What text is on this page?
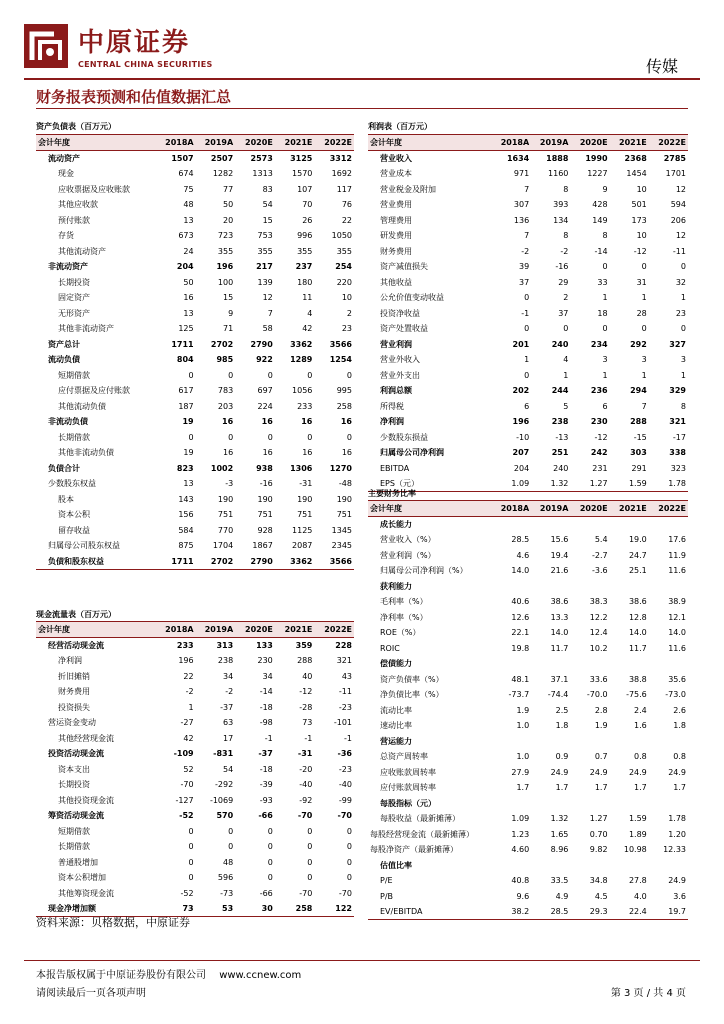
中原证券
CENTRAL CHINA SECURITIES	传媒
财务报表预测和估值数据汇总
资产负债表（百万元）
会计年度	2018A	2019A	2020E	2021E	2022E
流动资产	1507	2507	2573	3125	3312
现金	674	1282	1313	1570	1692
应收票据及应收账款	75	77	83	107	117
其他应收款	48	50	54	70	76
预付账款	13	20	15	26	22
存货	673	723	753	996	1050
其他流动资产	24	355	355	355	355
非流动资产	204	196	217	237	254
长期投资	50	100	139	180	220
固定资产	16	15	12	11	10
无形资产	13	9	7	4	2
其他非流动资产	125	71	58	42	23
资产总计	1711	2702	2790	3362	3566
流动负债	804	985	922	1289	1254
短期借款	0	0	0	0	0
应付票据及应付账款	617	783	697	1056	995
其他流动负债	187	203	224	233	258
非流动负债	19	16	16	16	16
长期借款	0	0	0	0	0
其他非流动负债	19	16	16	16	16
负债合计	823	1002	938	1306	1270
少数股东权益	13	-3	-16	-31	-48
股本	143	190	190	190	190
资本公积	156	751	751	751	751
留存收益	584	770	928	1125	1345
归属母公司股东权益	875	1704	1867	2087	2345
负债和股东权益	1711	2702	2790	3362	3566
利润表（百万元）
会计年度	2018A	2019A	2020E	2021E	2022E
营业收入	1634	1888	1990	2368	2785
营业成本	971	1160	1227	1454	1701
营业税金及附加	7	8	9	10	12
营业费用	307	393	428	501	594
管理费用	136	134	149	173	206
研发费用	7	8	8	10	12
财务费用	-2	-2	-14	-12	-11
资产减值损失	39	-16	0	0	0
其他收益	37	29	33	31	32
公允价值变动收益	0	2	1	1	1
投资净收益	-1	37	18	28	23
资产处置收益	0	0	0	0	0
营业利润	201	240	234	292	327
营业外收入	1	4	3	3	3
营业外支出	0	1	1	1	1
利润总额	202	244	236	294	329
所得税	6	5	6	7	8
净利润	196	238	230	288	321
少数股东损益	-10	-13	-12	-15	-17
归属母公司净利润	207	251	242	303	338
EBITDA	204	240	231	291	323
EPS（元）	1.09	1.32	1.27	1.59	1.78
主要财务比率
会计年度	2018A	2019A	2020E	2021E	2022E
成长能力					
营业收入（%）	28.5	15.6	5.4	19.0	17.6
营业利润（%）	4.6	19.4	-2.7	24.7	11.9
归属母公司净利润（%）	14.0	21.6	-3.6	25.1	11.6
获利能力					
毛利率（%）	40.6	38.6	38.3	38.6	38.9
净利率（%）	12.6	13.3	12.2	12.8	12.1
ROE（%）	22.1	14.0	12.4	14.0	14.0
ROIC	19.8	11.7	10.2	11.7	11.6
偿债能力					
资产负债率（%）	48.1	37.1	33.6	38.8	35.6
净负债比率（%）	-73.7	-74.4	-70.0	-75.6	-73.0
流动比率	1.9	2.5	2.8	2.4	2.6
速动比率	1.0	1.8	1.9	1.6	1.8
营运能力					
总资产周转率	1.0	0.9	0.7	0.8	0.8
应收账款周转率	27.9	24.9	24.9	24.9	24.9
应付账款周转率	1.7	1.7	1.7	1.7	1.7
每股指标（元）					
每股收益（最新摊薄）	1.09	1.32	1.27	1.59	1.78
每股经营现金流（最新摊薄）	1.23	1.65	0.70	1.89	1.20
每股净资产（最新摊薄）	4.60	8.96	9.82	10.98	12.33
估值比率					
P/E	40.8	33.5	34.8	27.8	24.9
P/B	9.6	4.9	4.5	4.0	3.6
EV/EBITDA	38.2	28.5	29.3	22.4	19.7
现金流量表（百万元）
会计年度	2018A	2019A	2020E	2021E	2022E
经营活动现金流	233	313	133	359	228
净利润	196	238	230	288	321
折旧摊销	22	34	34	40	43
财务费用	-2	-2	-14	-12	-11
投资损失	1	-37	-18	-28	-23
营运资金变动	-27	63	-98	73	-101
其他经营现金流	42	17	-1	-1	-1
投资活动现金流	-109	-831	-37	-31	-36
资本支出	52	54	-18	-20	-23
长期投资	-70	-292	-39	-40	-40
其他投资现金流	-127	-1069	-93	-92	-99
筹资活动现金流	-52	570	-66	-70	-70
短期借款	0	0	0	0	0
长期借款	0	0	0	0	0
普通股增加	0	48	0	0	0
资本公积增加	0	596	0	0	0
其他筹资现金流	-52	-73	-66	-70	-70
现金净增加额	73	53	30	258	122
资料来源：贝格数据，中原证券
本报告版权属于中原证券股份有限公司 www.ccnew.com
请阅读最后一页各项声明	第 3 页 / 共 4 页
